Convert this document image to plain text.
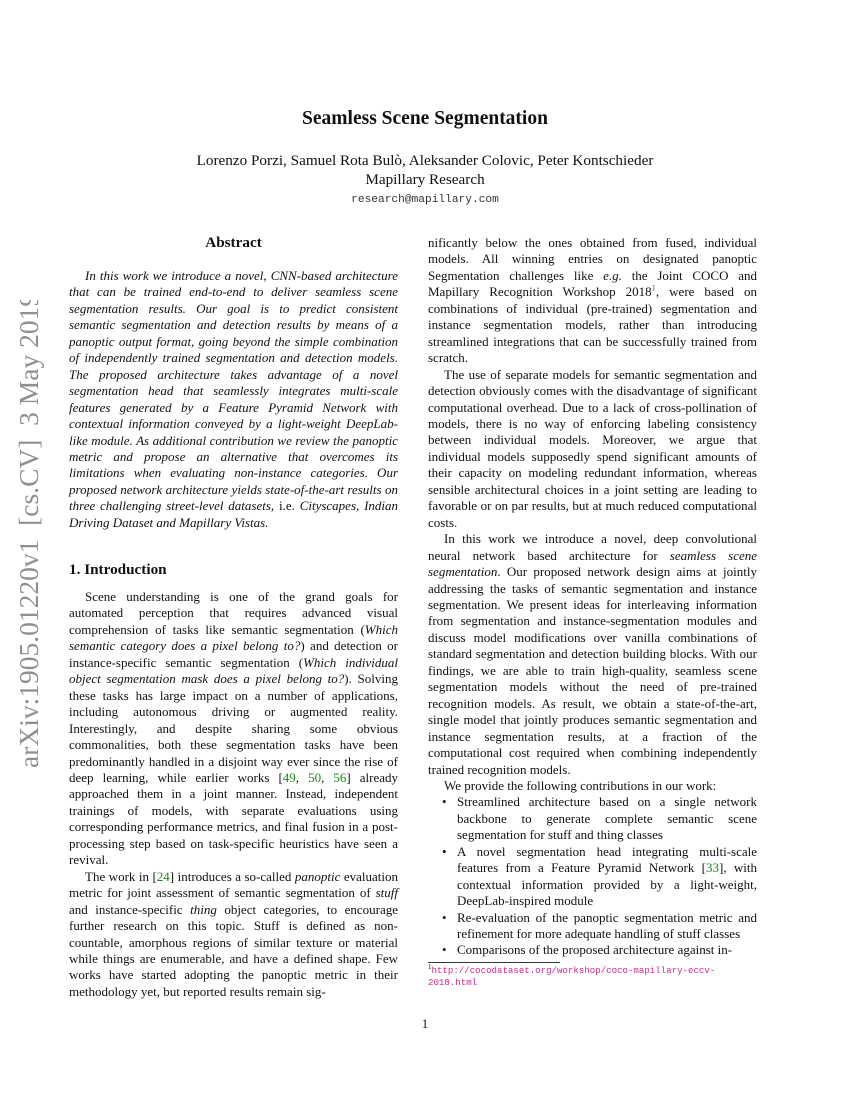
Seamless Scene Segmentation
Lorenzo Porzi, Samuel Rota Bulò, Aleksander Colovic, Peter Kontschieder
Mapillary Research
research@mapillary.com
arXiv:1905.01220v1  [cs.CV]  3 May 2019
Abstract

In this work we introduce a novel, CNN-based architecture that can be trained end-to-end to deliver seamless scene segmentation results. Our goal is to predict consistent semantic segmentation and detection results by means of a panoptic output format, going beyond the simple combination of independently trained segmentation and detection models. The proposed architecture takes advantage of a novel segmentation head that seamlessly integrates multi-scale features generated by a Feature Pyramid Network with contextual information conveyed by a light-weight DeepLab-like module. As additional contribution we review the panoptic metric and propose an alternative that overcomes its limitations when evaluating non-instance categories. Our proposed network architecture yields state-of-the-art results on three challenging street-level datasets, i.e. Cityscapes, Indian Driving Dataset and Mapillary Vistas.

1. Introduction

Scene understanding is one of the grand goals for automated perception that requires advanced visual comprehension of tasks like semantic segmentation (Which semantic category does a pixel belong to?) and detection or instance-specific semantic segmentation (Which individual object segmentation mask does a pixel belong to?). Solving these tasks has large impact on a number of applications, including autonomous driving or augmented reality. Interestingly, and despite sharing some obvious commonalities, both these segmentation tasks have been predominantly handled in a disjoint way ever since the rise of deep learning, while earlier works [49, 50, 56] already approached them in a joint manner. Instead, independent trainings of models, with separate evaluations using corresponding performance metrics, and final fusion in a post-processing step based on task-specific heuristics have seen a revival.

The work in [24] introduces a so-called panoptic evaluation metric for joint assessment of semantic segmentation of stuff and instance-specific thing object categories, to encourage further research on this topic. Stuff is defined as non-countable, amorphous regions of similar texture or material while things are enumerable, and have a defined shape. Few works have started adopting the panoptic metric in their methodology yet, but reported results remain sig-

nificantly below the ones obtained from fused, individual models. All winning entries on designated panoptic Segmentation challenges like e.g. the Joint COCO and Mapillary Recognition Workshop 2018$^1$, were based on combinations of individual (pre-trained) segmentation and instance segmentation models, rather than introducing streamlined integrations that can be successfully trained from scratch.

The use of separate models for semantic segmentation and detection obviously comes with the disadvantage of significant computational overhead. Due to a lack of cross-pollination of models, there is no way of enforcing labeling consistency between individual models. Moreover, we argue that individual models supposedly spend significant amounts of their capacity on modeling redundant information, whereas sensible architectural choices in a joint setting are leading to favorable or on par results, but at much reduced computational costs.

In this work we introduce a novel, deep convolutional neural network based architecture for seamless scene segmentation. Our proposed network design aims at jointly addressing the tasks of semantic segmentation and instance segmentation. We present ideas for interleaving information from segmentation and instance-segmentation modules and discuss model modifications over vanilla combinations of standard segmentation and detection building blocks. With our findings, we are able to train high-quality, seamless scene segmentation models without the need of pre-trained recognition models. As result, we obtain a state-of-the-art, single model that jointly produces semantic segmentation and instance segmentation results, at a fraction of the computational cost required when combining independently trained recognition models.

We provide the following contributions in our work:

• Streamlined architecture based on a single network backbone to generate complete semantic scene segmentation for stuff and thing classes
• A novel segmentation head integrating multi-scale features from a Feature Pyramid Network [33], with contextual information provided by a light-weight, DeepLab-inspired module
• Re-evaluation of the panoptic segmentation metric and refinement for more adequate handling of stuff classes
• Comparisons of the proposed architecture against in-
$^1$http://cocodataset.org/workshop/coco-mapillary-eccv-2018.html
1
